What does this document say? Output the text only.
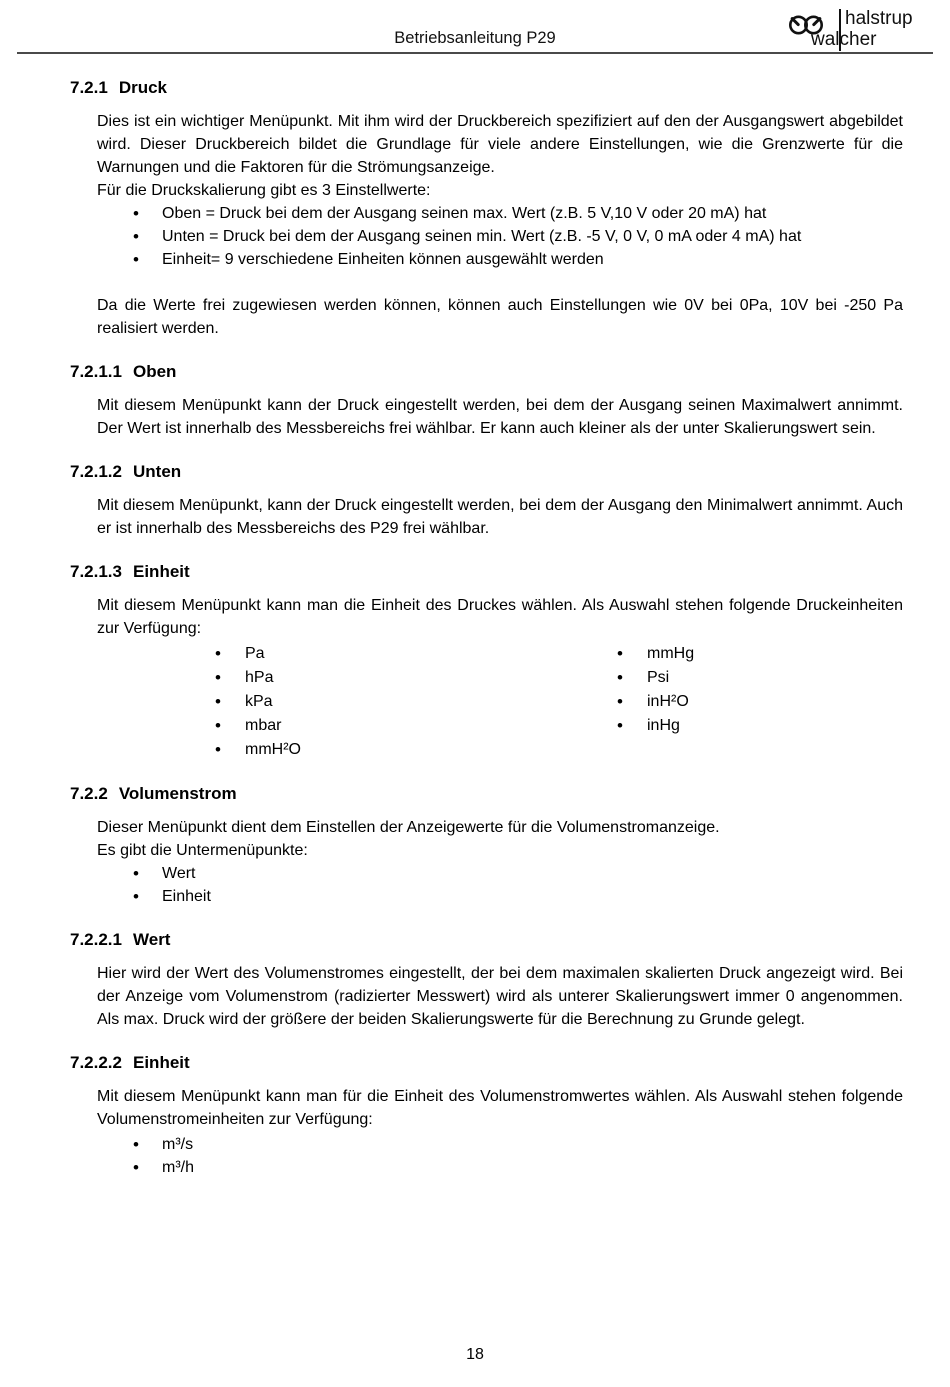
Betriebsanleitung P29
halstrup
walcher
7.2.1 Druck

Dies ist ein wichtiger Menüpunkt. Mit ihm wird der Druckbereich spezifiziert auf den der Ausgangswert abgebildet wird. Dieser Druckbereich bildet die Grundlage für viele andere Einstellungen, wie die Grenzwerte für die Warnungen und die Faktoren für die Strömungsanzeige.

Für die Druckskalierung gibt es 3 Einstellwerte:

• Oben = Druck bei dem der Ausgang seinen max. Wert (z.B. 5 V,10 V oder 20 mA) hat
• Unten = Druck bei dem der Ausgang seinen min. Wert (z.B. -5 V, 0 V, 0 mA oder 4 mA) hat
• Einheit= 9 verschiedene Einheiten können ausgewählt werden

Da die Werte frei zugewiesen werden können, können auch Einstellungen wie 0V bei 0Pa, 10V bei -250 Pa realisiert werden.

7.2.1.1 Oben

Mit diesem Menüpunkt kann der Druck eingestellt werden, bei dem der Ausgang seinen Maximalwert annimmt. Der Wert ist innerhalb des Messbereichs frei wählbar. Er kann auch kleiner als der unter Skalierungswert sein.

7.2.1.2 Unten

Mit diesem Menüpunkt, kann der Druck eingestellt werden, bei dem der Ausgang den Minimalwert annimmt. Auch er ist innerhalb des Messbereichs des P29 frei wählbar.

7.2.1.3 Einheit

Mit diesem Menüpunkt kann man die Einheit des Druckes wählen. Als Auswahl stehen folgende Druckeinheiten zur Verfügung:

• Pa
• hPa
• kPa
• mbar
• mmH²O
• mmHg
• Psi
• inH²O
• inHg
7.2.2 Volumenstrom

Dieser Menüpunkt dient dem Einstellen der Anzeigewerte für die Volumenstromanzeige.

Es gibt die Untermenüpunkte:

• Wert
• Einheit
7.2.2.1 Wert

Hier wird der Wert des Volumenstromes eingestellt, der bei dem maximalen skalierten Druck angezeigt wird. Bei der Anzeige vom Volumenstrom (radizierter Messwert) wird als unterer Skalierungswert immer 0 angenommen. Als max. Druck wird der größere der beiden Skalierungswerte für die Berechnung zu Grunde gelegt.

7.2.2.2 Einheit

Mit diesem Menüpunkt kann man für die Einheit des Volumenstromwertes wählen. Als Auswahl stehen folgende Volumenstromeinheiten zur Verfügung:

• m³/s
• m³/h
18
